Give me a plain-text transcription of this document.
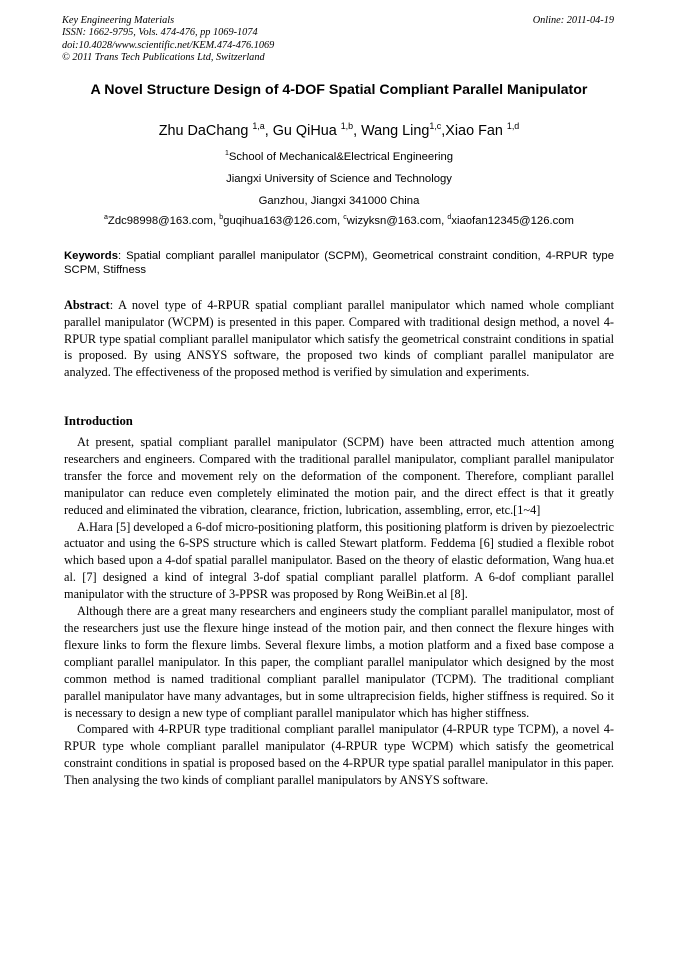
Key Engineering Materials
ISSN: 1662-9795, Vols. 474-476, pp 1069-1074
doi:10.4028/www.scientific.net/KEM.474-476.1069
© 2011 Trans Tech Publications Ltd, Switzerland
Online: 2011-04-19
A Novel Structure Design of 4-DOF Spatial Compliant Parallel Manipulator
Zhu DaChang $^{1,a}$, Gu QiHua $^{1,b}$, Wang Ling$^{1,c}$,Xiao Fan $^{1,d}$
$^1$School of Mechanical&Electrical Engineering
Jiangxi University of Science and Technology
Ganzhou, Jiangxi 341000 China
$^a$Zdc98998@163.com, $^b$guqihua163@126.com, $^c$wizyksn@163.com, $^d$xiaofan12345@126.com
Keywords: Spatial compliant parallel manipulator (SCPM), Geometrical constraint condition, 4-RPUR type SCPM, Stiffness
Abstract: A novel type of 4-RPUR spatial compliant parallel manipulator which named whole compliant parallel manipulator (WCPM) is presented in this paper. Compared with traditional design method, a novel 4-RPUR type spatial compliant parallel manipulator which satisfy the geometrical constraint conditions in spatial is proposed. By using ANSYS software, the proposed two kinds of compliant parallel manipulator are analyzed. The effectiveness of the proposed method is verified by simulation and experiments.
Introduction

At present, spatial compliant parallel manipulator (SCPM) have been attracted much attention among researchers and engineers. Compared with the traditional parallel manipulator, compliant parallel manipulator transfer the force and movement rely on the deformation of the component. Therefore, compliant parallel manipulator can reduce even completely eliminated the motion pair, and the direct effect is that it greatly reduced and eliminated the vibration, clearance, friction, lubrication, assembling, error, etc.[1~4]

A.Hara [5] developed a 6-dof micro-positioning platform, this positioning platform is driven by piezoelectric actuator and using the 6-SPS structure which is called Stewart platform. Feddema [6] studied a flexible robot which based upon a 4-dof spatial parallel manipulator. Based on the theory of elastic deformation, Wang hua.et al. [7] designed a kind of integral 3-dof spatial compliant parallel platform. A 6-dof compliant parallel manipulator with the structure of 3-PPSR was proposed by Rong WeiBin.et al [8].

Although there are a great many researchers and engineers study the compliant parallel manipulator, most of the researchers just use the flexure hinge instead of the motion pair, and then connect the flexure hinges with flexure links to form the flexure limbs. Several flexure limbs, a motion platform and a fixed base compose a compliant parallel manipulator. In this paper, the compliant parallel manipulator which designed by the most common method is named traditional compliant parallel manipulator (TCPM). The traditional compliant parallel manipulator have many advantages, but in some ultraprecision fields, higher stiffness is required. So it is necessary to design a new type of compliant parallel manipulator which has higher stiffness.

Compared with 4-RPUR type traditional compliant parallel manipulator (4-RPUR type TCPM), a novel 4-RPUR type whole compliant parallel manipulator (4-RPUR type WCPM) which satisfy the geometrical constraint conditions in spatial is proposed based on the 4-RPUR type spatial parallel manipulator in this paper. Then analysing the two kinds of compliant parallel manipulators by ANSYS software.
